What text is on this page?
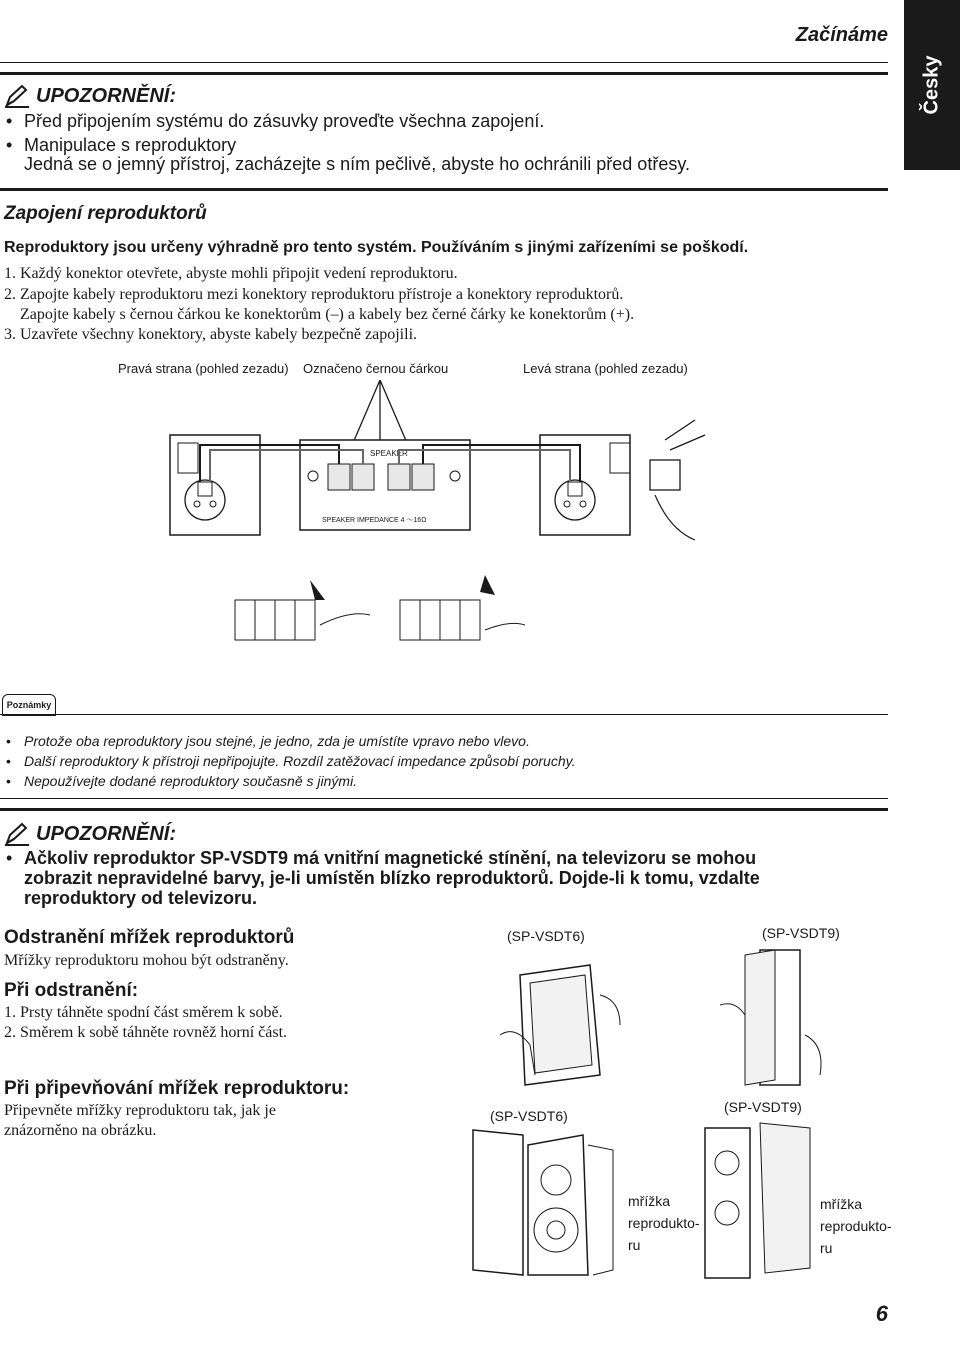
Začínáme
Česky
UPOZORNĚNÍ:
• Před připojením systému do zásuvky proveďte všechna zapojení.
• Manipulace s reproduktory
Jedná se o jemný přístroj, zacházejte s ním pečlivě, abyste ho ochránili před otřesy.
Zapojení reproduktorů
Reproduktory jsou určeny výhradně pro tento systém. Používáním s jinými zařízeními se poškodí.
1. Každý konektor otevřete, abyste mohli připojit vedení reproduktoru.
2. Zapojte kabely reproduktoru mezi konektory reproduktoru přístroje a konektory reproduktorů.
Zapojte kabely s černou čárkou ke konektorům (–) a kabely bez černé čárky ke konektorům (+).
3. Uzavřete všechny konektory, abyste kabely bezpečně zapojili.
Pravá strana (pohled zezadu) Označeno černou čárkou	Levá strana (pohled zezadu)
SPEAKER
SPEAKER IMPEDANCE 4 ～16Ω
Poznámky
• Protože oba reproduktory jsou stejné, je jedno, zda je umístíte vpravo nebo vlevo.
• Další reproduktory k přístroji nepřipojujte. Rozdíl zatěžovací impedance způsobí poruchy.
• Nepoužívejte dodané reproduktory současně s jinými.
UPOZORNĚNÍ:
Ačkoliv reproduktor SP-VSDT9 má vnitřní magnetické stínění, na televizoru se mohou
•
zobrazit nepravidelné barvy, je-li umístěn blízko reproduktorů. Dojde-li k tomu, vzdalte
reproduktory od televizoru.
Odstranění mřížek reproduktorů
Mřížky reproduktoru mohou být odstraněny.
Při odstranění:
1. Prsty táhněte spodní část směrem k sobě.
2. Směrem k sobě táhněte rovněž horní část.
Při připevňování mřížek reproduktoru:
Připevněte mřížky reproduktoru tak, jak je
znázorněno na obrázku.
(SP-VSDT6)	(SP-VSDT9)
(SP-VSDT6)
(SP-VSDT9)
mřížka
reprodukto-
ru
mřížka
reprodukto-
ru
6
